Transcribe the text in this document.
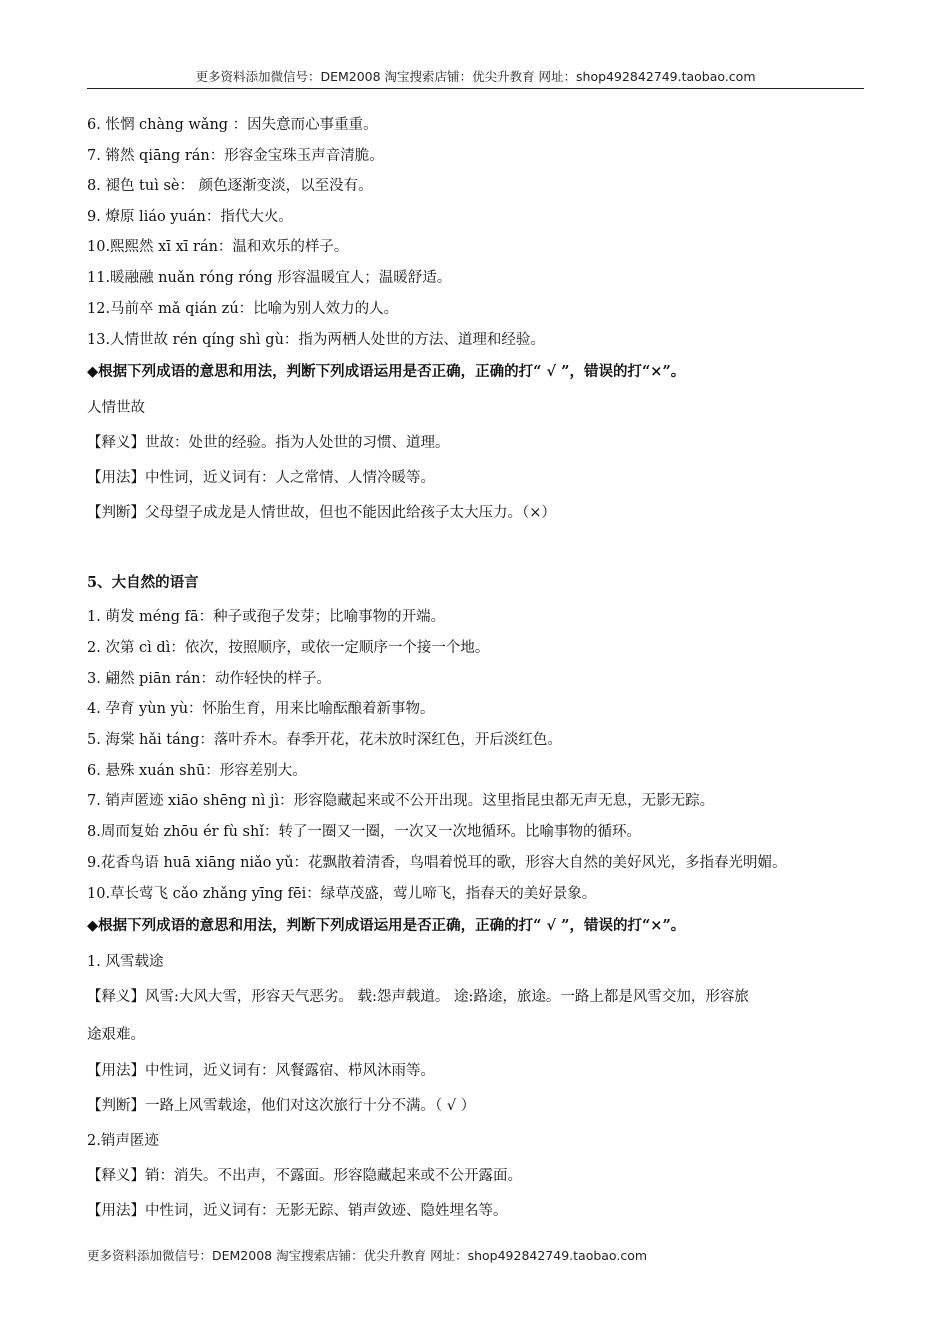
更多资料添加微信号：DEM2008 淘宝搜索店铺：优尖升教育 网址：shop492842749.taobao.com
6. 怅惘 chàng wǎng ：因失意而心事重重。
7. 锵然 qiāng rán：形容金宝珠玉声音清脆。
8. 褪色 tuì sè： 颜色逐渐变淡，以至没有。
9. 燎原 liáo yuán：指代大火。
10.熙熙然 xī xī rán：温和欢乐的样子。
11.暖融融 nuǎn róng róng 形容温暖宜人；温暖舒适。
12.马前卒 mǎ qián zú：比喻为别人效力的人。
13.人情世故 rén qíng shì gù：指为两栖人处世的方法、道理和经验。
◆根据下列成语的意思和用法，判断下列成语运用是否正确，正确的打“ √ ”，错误的打“×”。
人情世故
【释义】世故：处世的经验。指为人处世的习惯、道理。
【用法】中性词，近义词有：人之常情、人情冷暖等。
【判断】父母望子成龙是人情世故，但也不能因此给孩子太大压力。（×）
5、大自然的语言
1. 萌发 méng fā：种子或孢子发芽；比喻事物的开端。
2. 次第 cì dì：依次，按照顺序，或依一定顺序一个接一个地。
3. 翩然 piān rán：动作轻快的样子。
4. 孕育 yùn yù：怀胎生育，用来比喻酝酿着新事物。
5. 海棠 hǎi táng：落叶乔木。春季开花，花未放时深红色，开后淡红色。
6. 悬殊 xuán shū：形容差别大。
7. 销声匿迹 xiāo shēng nì jì：形容隐藏起来或不公开出现。这里指昆虫都无声无息，无影无踪。
8.周而复始 zhōu ér fù shǐ：转了一圈又一圈，一次又一次地循环。比喻事物的循环。
9.花香鸟语 huā xiāng niǎo yǔ：花飘散着清香，鸟唱着悦耳的歌，形容大自然的美好风光，多指春光明媚。
10.草长莺飞 cǎo zhǎng yīng fēi：绿草茂盛，莺儿啼飞，指春天的美好景象。
◆根据下列成语的意思和用法，判断下列成语运用是否正确，正确的打“ √ ”，错误的打“×”。
1. 风雪载途
【释义】风雪:大风大雪，形容天气恶劣。 载:怨声载道。 途:路途，旅途。一路上都是风雪交加，形容旅
途艰难。
【用法】中性词，近义词有：风餐露宿、栉风沐雨等。
【判断】一路上风雪载途，他们对这次旅行十分不满。（ √ ）
2.销声匿迹
【释义】销：消失。不出声，不露面。形容隐藏起来或不公开露面。
【用法】中性词，近义词有：无影无踪、销声敛迹、隐姓埋名等。
更多资料添加微信号：DEM2008 淘宝搜索店铺：优尖升教育 网址：shop492842749.taobao.com
